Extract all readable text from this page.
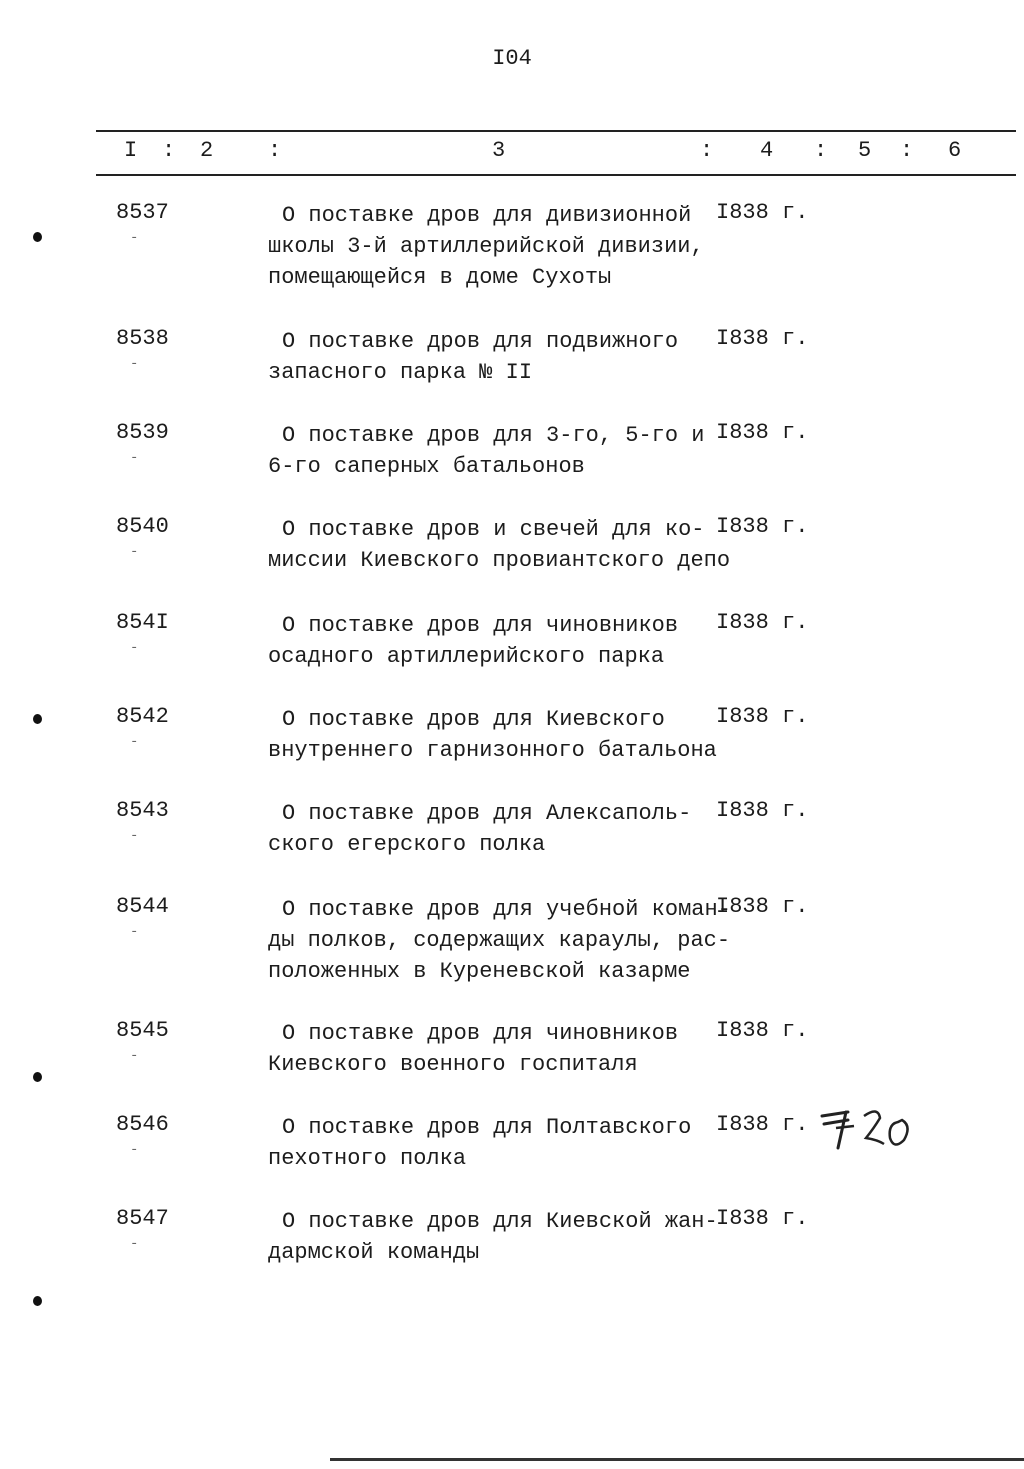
I04
I : 2 :	3	: 4 : 5 : 6
8537
-
О поставке дров для дивизионной
школы 3-й артиллерийской дивизии,
помещающейся в доме Сухоты
I838 г.
8538
-
О поставке дров для подвижного
запасного парка № II
I838 г.
8539
-
О поставке дров для 3-го, 5-го и
6-го саперных батальонов
I838 г.
8540
-
О поставке дров и свечей для ко-
миссии Киевского провиантского депо
I838 г.
854I
-
О поставке дров для чиновников
осадного артиллерийского парка
I838 г.
8542
-
О поставке дров для Киевского
внутреннего гарнизонного батальона
I838 г.
8543
-
О поставке дров для Алексаполь-
ского егерского полка
I838 г.
8544
-
О поставке дров для учебной коман-
ды полков, содержащих караулы, рас-
положенных в Куреневской казарме
I838 г.
8545
-
О поставке дров для чиновников
Киевского военного госпиталя
I838 г.
8546
-
О поставке дров для Полтавского
пехотного полка
I838 г.
8547
-
О поставке дров для Киевской жан-
дармской команды
I838 г.
